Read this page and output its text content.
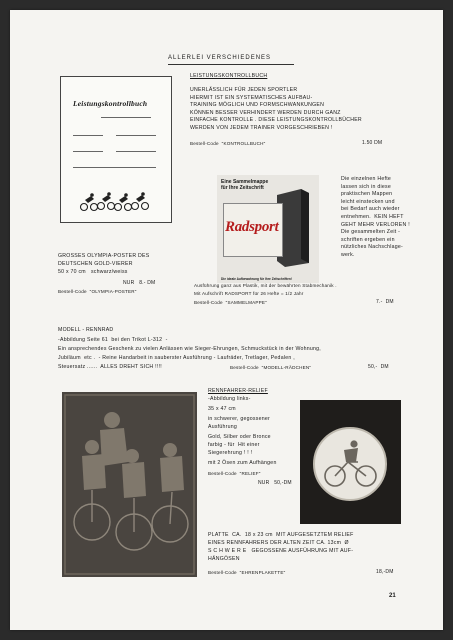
ALLERLEI VERSCHIEDENES
Leistungskontrollbuch
LEISTUNGSKONTROLLBUCH
UNERLÄSSLICH FÜR JEDEN SPORTLER
HIERMIT IST EIN SYSTEMATISCHES AUFBAU-
TRAINING MÖGLICH UND FORMSCHWANKUNGEN
KÖNNEN BESSER VERHINDERT WERDEN DURCH GANZ
EINFACHE KONTROLLE . DIESE LEISTUNGSKONTROLLBÜCHER
WERDEN VON JEDEM TRAINER VORGESCHRIEBEN !
Bestell-Code  "KONTROLLBUCH"	1.50 DM
Eine Sammelmappe
für Ihre Zeitschrift
Radsport
Die ideale Aufbewahrung für Ihre Zeitschriften!
Die einzelnen Hefte
lassen sich in diese
praktischen Mappen
leicht einstecken und
bei Bedarf auch wieder
entnehmen.  KEIN HEFT
GEHT MEHR VERLOREN !
Die gesammelten Zeit -
schriften ergeben ein
nützliches Nachschlage-
werk.
Ausführung ganz aus Plastik, mit der bewährten Stabmechanik .
Mit Aufschrift RADSPORT für 26 Hefte = 1/2 Jahr
Bestell-Code  "SAMMELMAPPE"	7.-  DM
GROSSES OLYMPIA-POSTER DES
DEUTSCHEN GOLD-VIERER
50 x 70 cm   schwarz/weiss
NUR   8.- DM
Bestell-Code  "OLYMPIA-POSTER"
MODELL - RENNRAD
-Abbildung Seite 61  bei den Trikot L-312  -
Ein ansprechendes Geschenk zu vielen Anlässen wie Sieger-Ehrungen, Schmuckstück in der Wohnung,
Jubiläum  etc .  - Reine Handarbeit in sauberster Ausführung - Laufräder, Tretlager, Pedalen ,
Steuersatz ......  ALLES DREHT SICH !!!!	Bestell-Code  "MODELL-RÄDCHEN"	50,-  DM
RENNFAHRER-RELIEF
-Abbildung links-
35 x 47 cm
in schwerer, gegossener
Ausführung
Gold, Silber oder Bronce
farbig - für  Hit einer
Siegerehrung ! ! !
mit 2 Ösen zum Aufhängen
Bestell-Code  "RELIEF"
NUR   50,-DM
PLATTE  CA.  18 x 23 cm  MIT AUFGESETZTEM RELIEF
EINES RENNFAHRERS DER ALTEN ZEIT CA. 13cm  Ø
S C H W E R E   GEGOSSENE AUSFÜHRUNG MIT AUF-
HÄNGÖSEN
Bestell-Code  "EHRENPLAKETTE"	18,-DM
21
